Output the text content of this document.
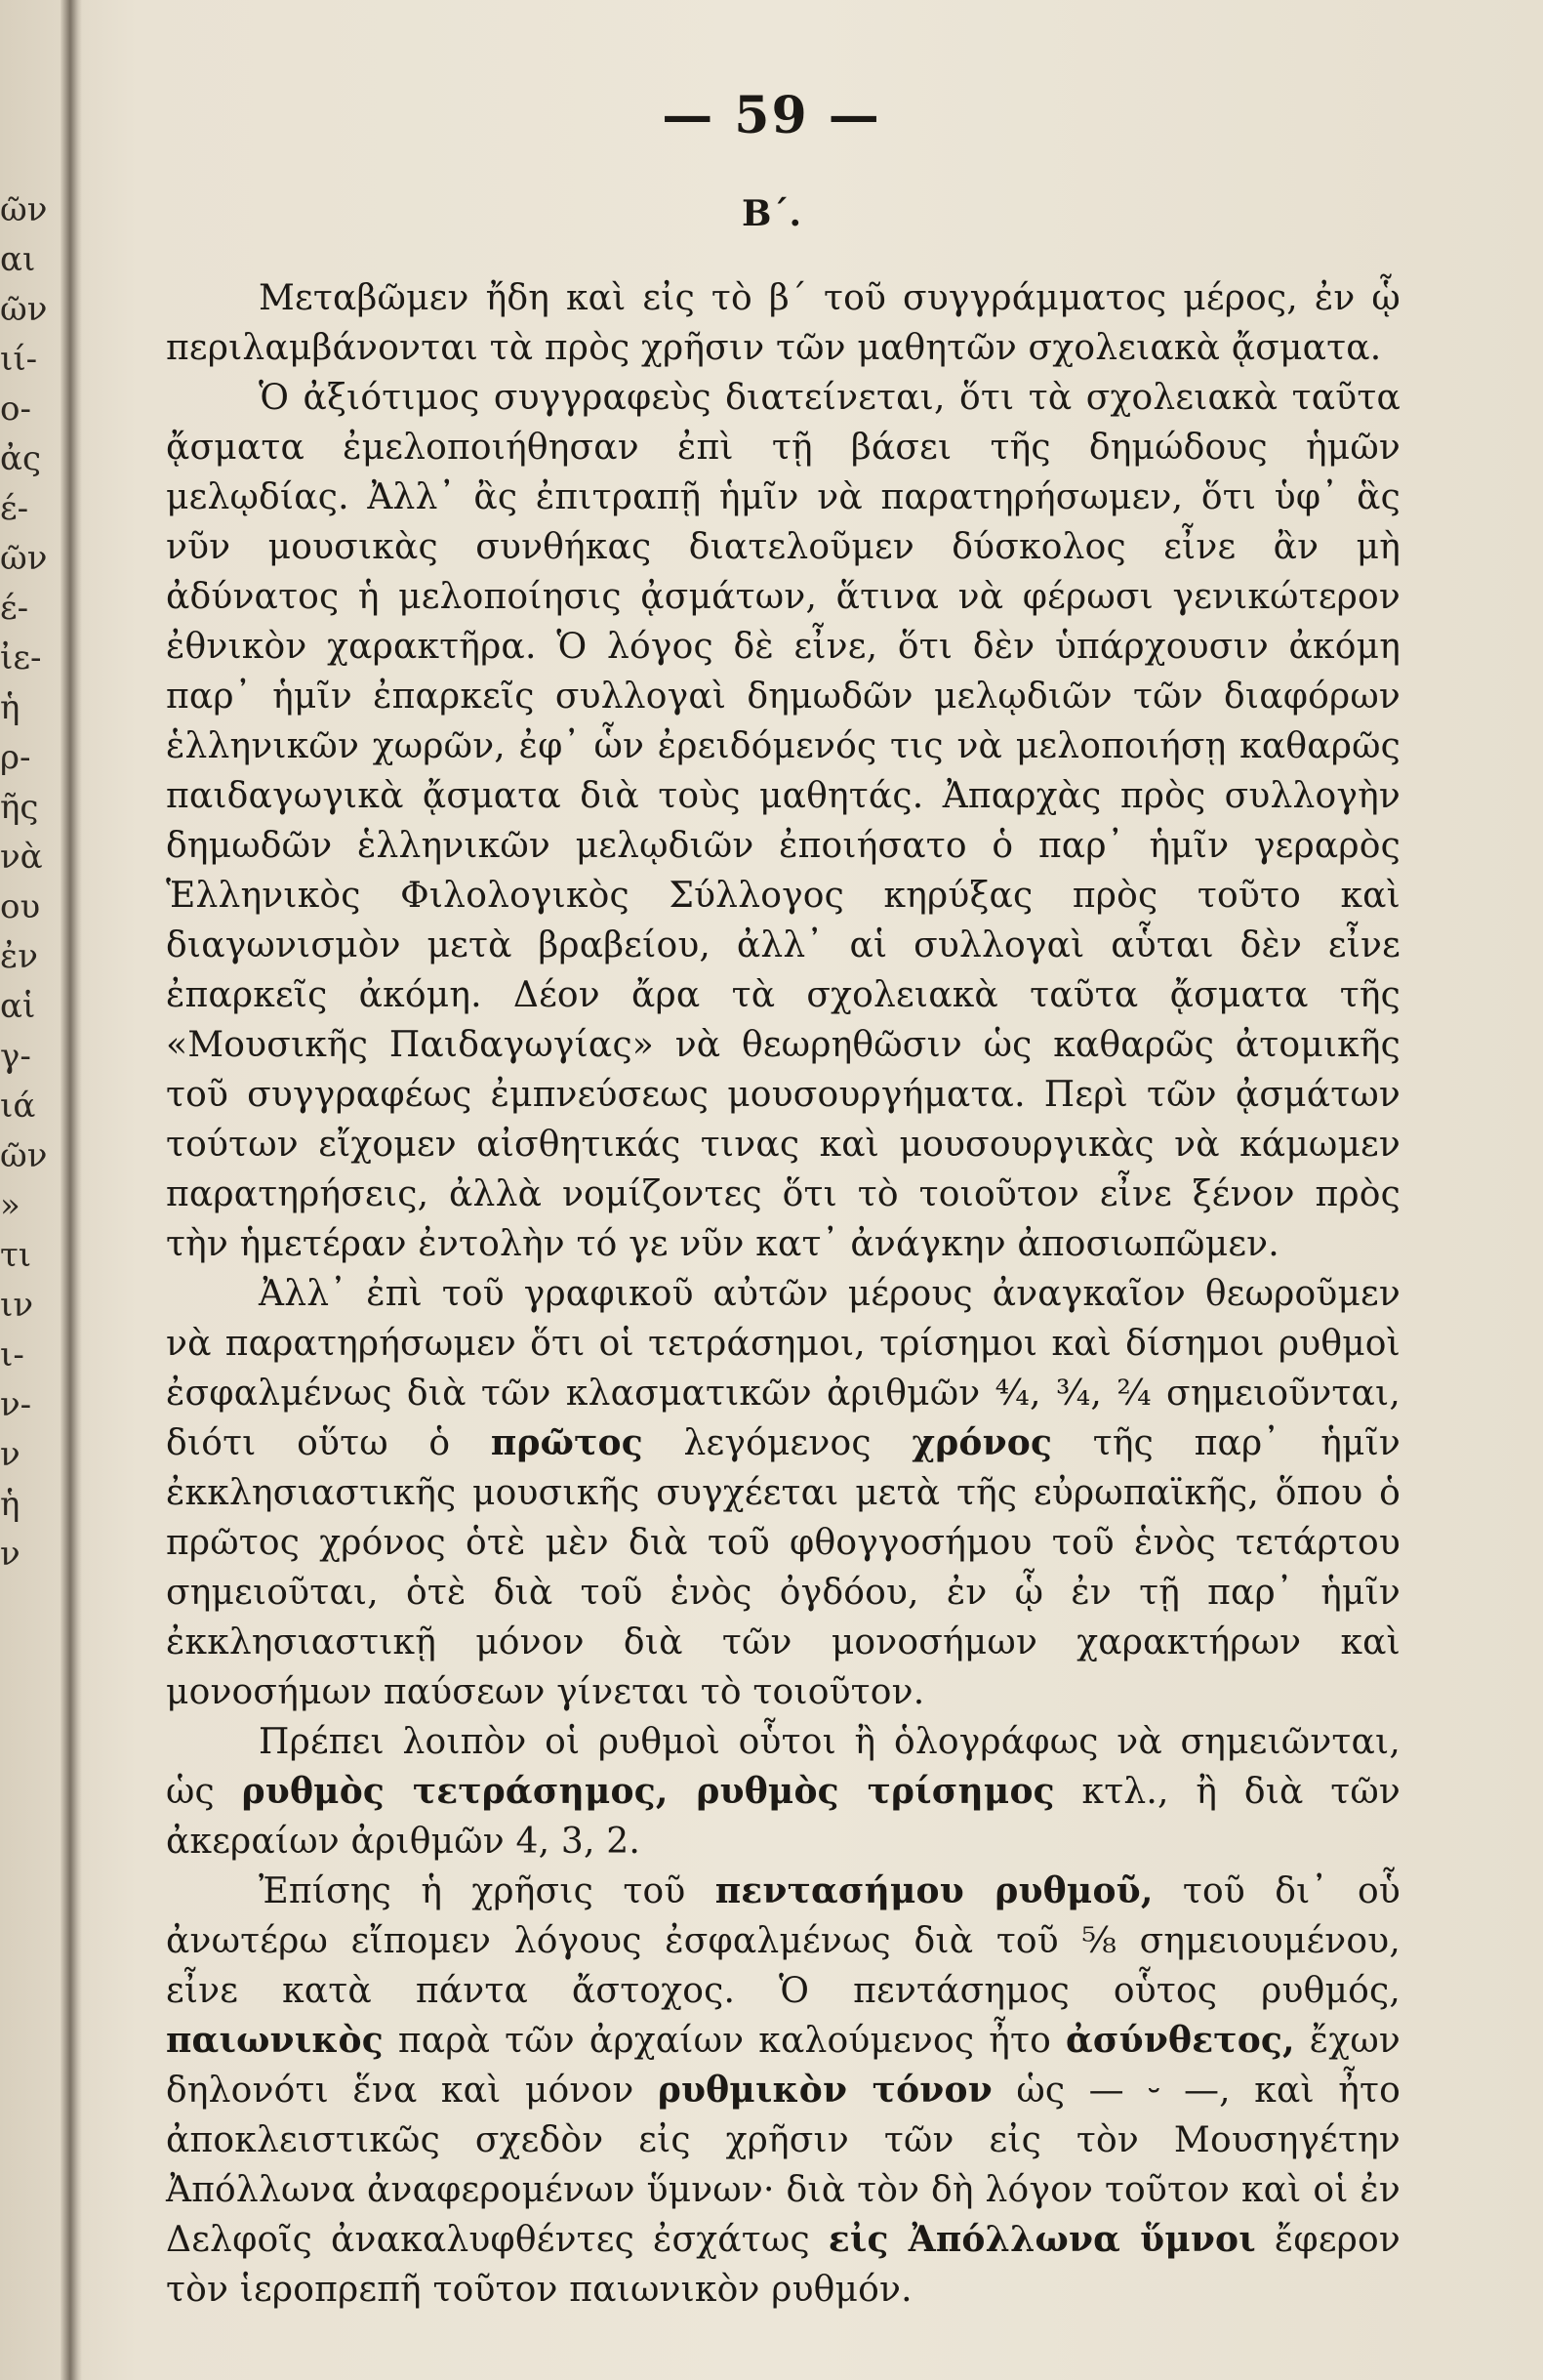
ῶν
αι
ῶν
ιί-
ο-
ἀς
έ-
ῶν
έ-
ἰε-
ἡ
ρ-
ῆς
νὰ
ου
ἐν
αἱ
γ-
ιά
ῶν
»
τι
ιν
ι-
ν-
ν
ἡ
ν
— 59 —
Β΄.

Μεταβῶμεν ἤδη καὶ εἰς τὸ β΄ τοῦ συγγράμματος μέρος, ἐν ᾧ περιλαμβάνονται τὰ πρὸς χρῆσιν τῶν μαθητῶν σχολειακὰ ᾄσματα.

Ὁ ἀξιότιμος συγγραφεὺς διατείνεται, ὅτι τὰ σχολειακὰ ταῦτα ᾄσματα ἐμελοποιήθησαν ἐπὶ τῇ βάσει τῆς δημώδους ἡμῶν μελῳδίας. Ἀλλ᾽ ἂς ἐπιτραπῇ ἡμῖν νὰ παρατηρήσωμεν, ὅτι ὑφ᾽ ἃς νῦν μουσικὰς συνθήκας διατελοῦμεν δύσκολος εἶνε ἂν μὴ ἀδύνατος ἡ μελοποίησις ᾀσμάτων, ἅτινα νὰ φέρωσι γενικώτερον ἐθνικὸν χαρακτῆρα. Ὁ λόγος δὲ εἶνε, ὅτι δὲν ὑπάρχουσιν ἀκόμη παρ᾽ ἡμῖν ἐπαρκεῖς συλλογαὶ δημωδῶν μελῳδιῶν τῶν διαφόρων ἑλληνικῶν χωρῶν, ἐφ᾽ ὧν ἐρειδόμενός τις νὰ μελοποιήσῃ καθαρῶς παιδαγωγικὰ ᾄσματα διὰ τοὺς μαθητάς. Ἀπαρχὰς πρὸς συλλογὴν δημωδῶν ἑλληνικῶν μελῳδιῶν ἐποιήσατο ὁ παρ᾽ ἡμῖν γεραρὸς Ἑλληνικὸς Φιλολογικὸς Σύλλογος κηρύξας πρὸς τοῦτο καὶ διαγωνισμὸν μετὰ βραβείου, ἀλλ᾽ αἱ συλλογαὶ αὗται δὲν εἶνε ἐπαρκεῖς ἀκόμη. Δέον ἄρα τὰ σχολειακὰ ταῦτα ᾄσματα τῆς «Μουσικῆς Παιδαγωγίας» νὰ θεωρηθῶσιν ὡς καθαρῶς ἀτομικῆς τοῦ συγγραφέως ἐμπνεύσεως μουσουργήματα. Περὶ τῶν ᾀσμάτων τούτων εἴχομεν αἰσθητικάς τινας καὶ μουσουργικὰς νὰ κάμωμεν παρατηρήσεις, ἀλλὰ νομίζοντες ὅτι τὸ τοιοῦτον εἶνε ξένον πρὸς τὴν ἡμετέραν ἐντολὴν τό γε νῦν κατ᾽ ἀνάγκην ἀποσιωπῶμεν.

Ἀλλ᾽ ἐπὶ τοῦ γραφικοῦ αὐτῶν μέρους ἀναγκαῖον θεωροῦμεν νὰ παρατηρήσωμεν ὅτι οἱ τετράσημοι, τρίσημοι καὶ δίσημοι ρυθμοὶ ἐσφαλμένως διὰ τῶν κλασματικῶν ἀριθμῶν ⁴⁄₄, ³⁄₄, ²⁄₄ σημειοῦνται, διότι οὕτω ὁ πρῶτος λεγόμενος χρόνος τῆς παρ᾽ ἡμῖν ἐκκλησιαστικῆς μουσικῆς συγχέεται μετὰ τῆς εὐρωπαϊκῆς, ὅπου ὁ πρῶτος χρόνος ὁτὲ μὲν διὰ τοῦ φθογγοσήμου τοῦ ἑνὸς τετάρτου σημειοῦται, ὁτὲ διὰ τοῦ ἑνὸς ὀγδόου, ἐν ᾧ ἐν τῇ παρ᾽ ἡμῖν ἐκκλησιαστικῇ μόνον διὰ τῶν μονοσήμων χαρακτήρων καὶ μονοσήμων παύσεων γίνεται τὸ τοιοῦτον.

Πρέπει λοιπὸν οἱ ρυθμοὶ οὗτοι ἢ ὁλογράφως νὰ σημειῶνται, ὡς ρυθμὸς τετράσημος, ρυθμὸς τρίσημος κτλ., ἢ διὰ τῶν ἀκεραίων ἀριθμῶν 4, 3, 2.

Ἐπίσης ἡ χρῆσις τοῦ πεντασήμου ρυθμοῦ, τοῦ δι᾽ οὗ ἀνωτέρω εἴπομεν λόγους ἐσφαλμένως διὰ τοῦ ⁵⁄₈ σημειουμένου, εἶνε κατὰ πάντα ἄστοχος. Ὁ πεντάσημος οὗτος ρυθμός, παιωνικὸς παρὰ τῶν ἀρχαίων καλούμενος ἦτο ἀσύνθετος, ἔχων δηλονότι ἕνα καὶ μόνον ρυθμικὸν τόνον ὡς — ⏑ —, καὶ ἦτο ἀποκλειστικῶς σχεδὸν εἰς χρῆσιν τῶν εἰς τὸν Μουσηγέτην Ἀπόλλωνα ἀναφερομένων ὕμνων· διὰ τὸν δὴ λόγον τοῦτον καὶ οἱ ἐν Δελφοῖς ἀνακαλυφθέντες ἐσχάτως εἰς Ἀπόλλωνα ὕμνοι ἔφερον τὸν ἱεροπρεπῆ τοῦτον παιωνικὸν ρυθμόν.
